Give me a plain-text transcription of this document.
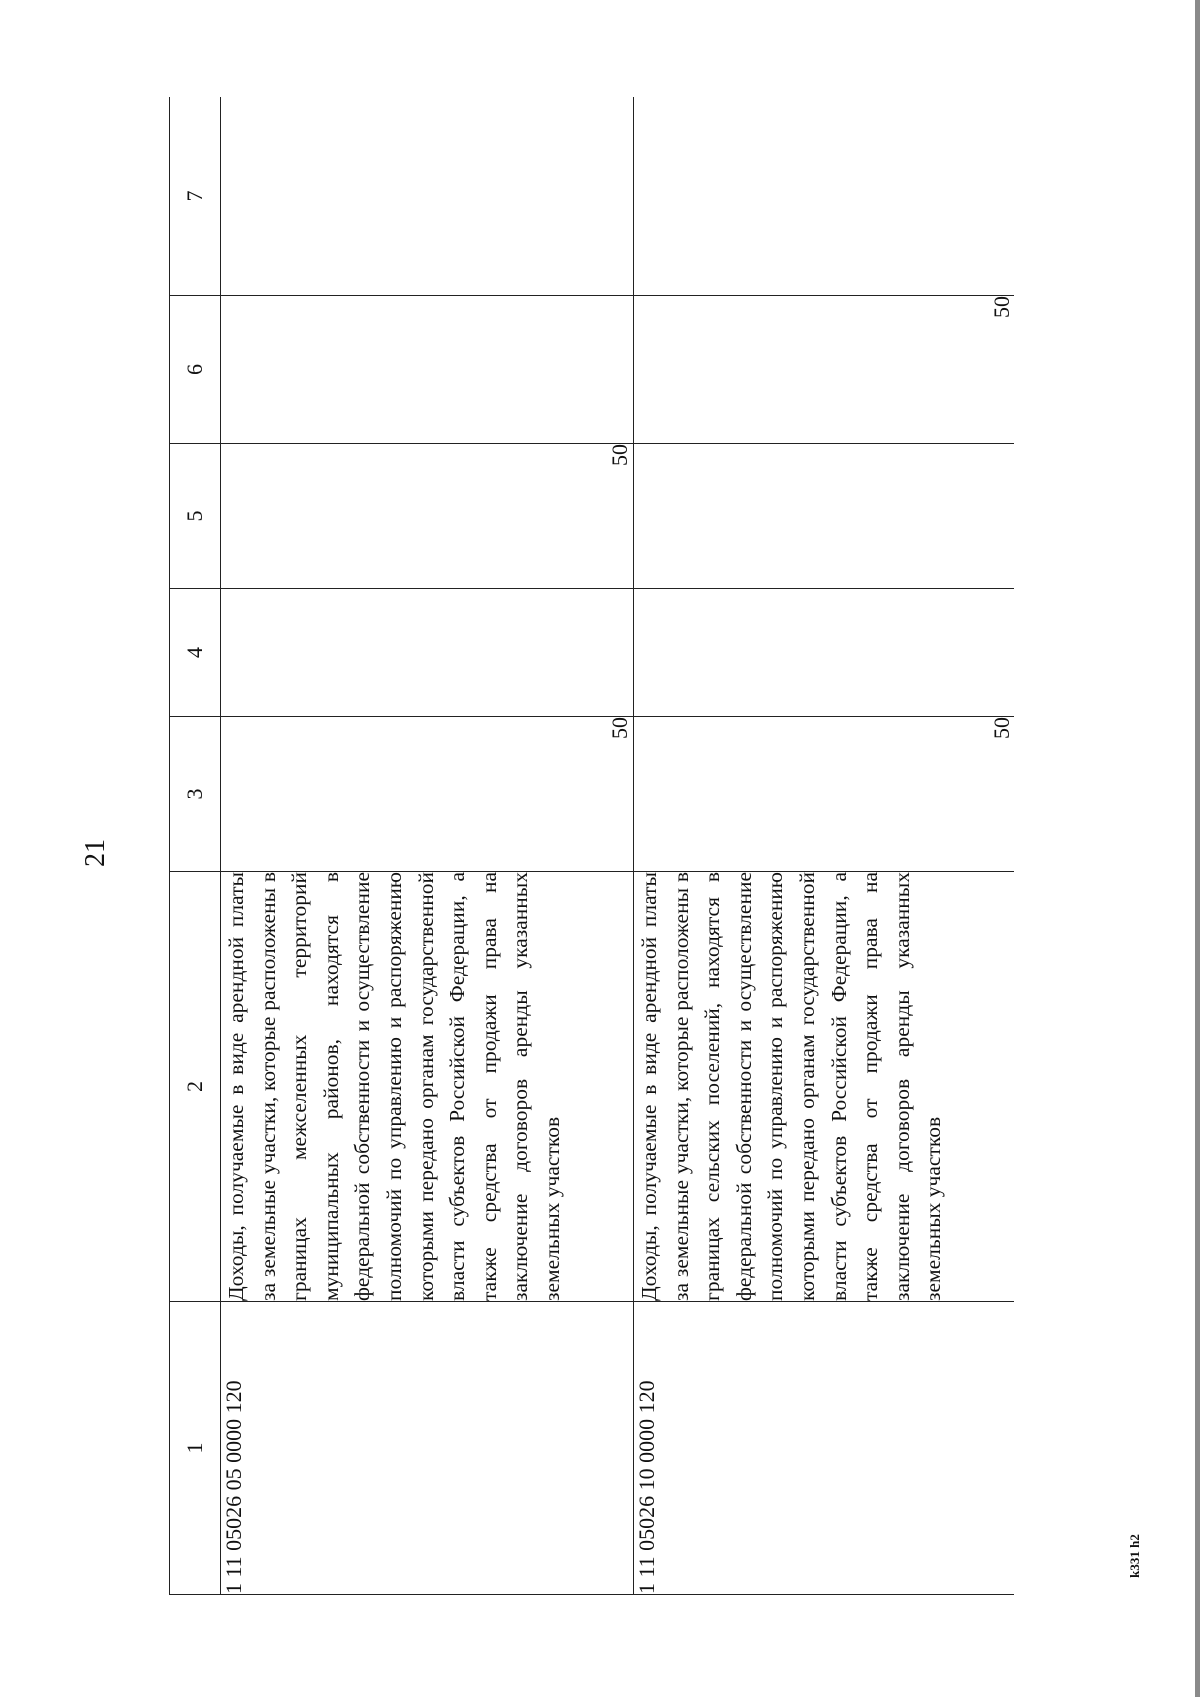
21
1	2	3	4	5	6	7
1 11 05026 05 0000 120	Доходы, получаемые в виде арендной платы за земельные участки, которые расположены в границах межселенных территорий муниципальных районов, находятся в федеральной собственности и осуществление полномочий по управлению и распоряжению которыми передано органам государственной власти субъектов Российской Федерации, а также средства от продажи права на заключение договоров аренды указанных земельных участков	50		50		
1 11 05026 10 0000 120	Доходы, получаемые в виде арендной платы за земельные участки, которые расположены в границах сельских поселений, находятся в федеральной собственности и осуществление полномочий по управлению и распоряжению которыми передано органам государственной власти субъектов Российской Федерации, а также средства от продажи права на заключение договоров аренды указанных земельных участков	50			50	
k331 h2
